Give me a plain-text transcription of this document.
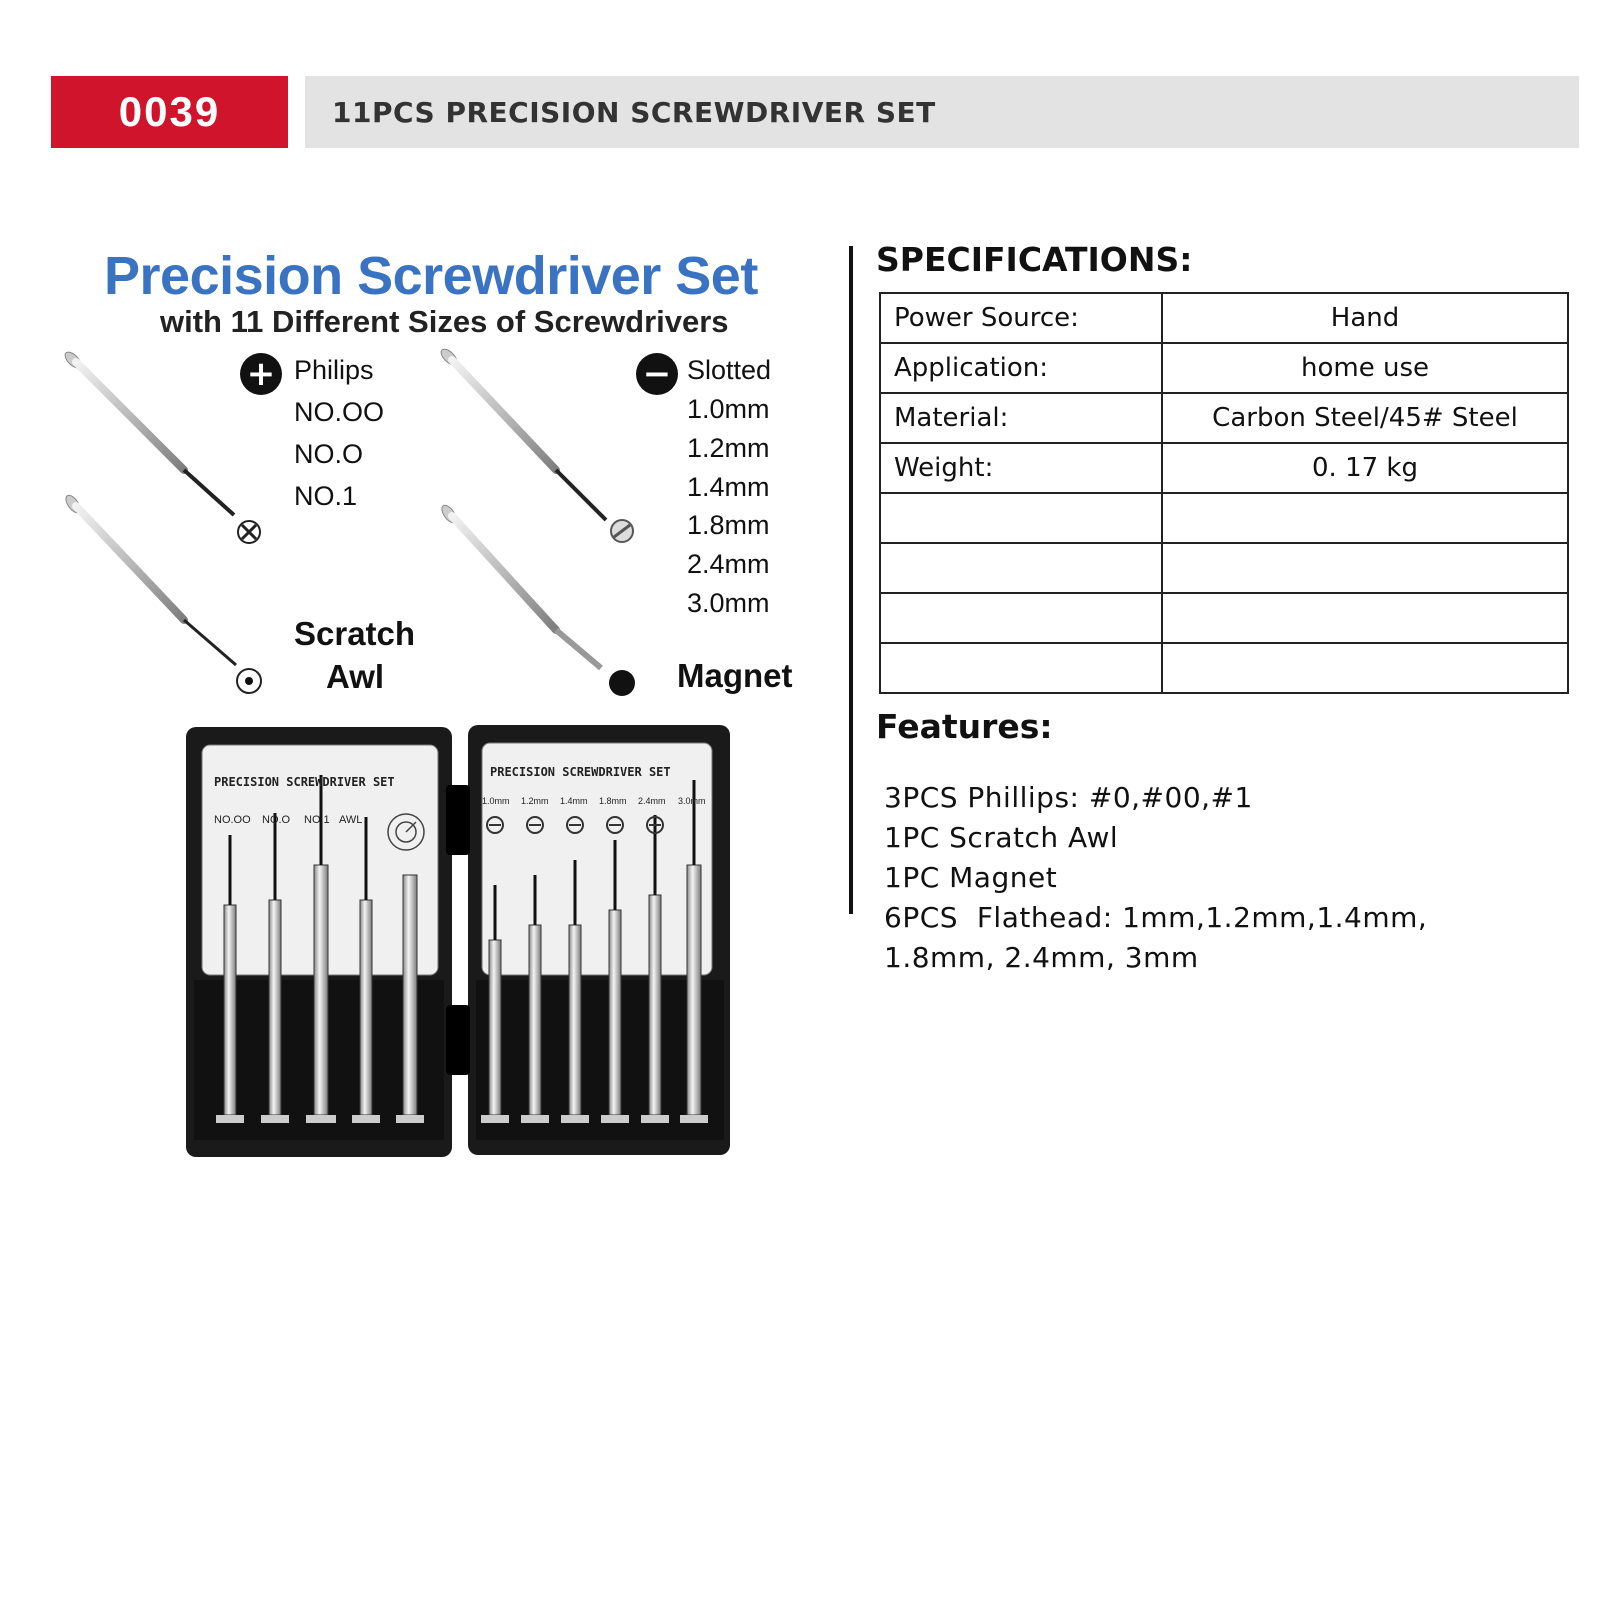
0039	11PCS PRECISION SCREWDRIVER SET
Precision Screwdriver Set
with 11 Different Sizes of Screwdrivers
+ Philips
NO.OO
NO.O
NO.1
− Slotted
1.0mm
1.2mm
1.4mm
1.8mm
2.4mm
3.0mm
Scratch
Awl	Magnet
PRECISION SCREWDRIVER SET
NO.OO NO.O NO.1 AWL
PRECISION SCREWDRIVER SET
1.0mm 1.2mm 1.4mm 1.8mm 2.4mm 3.0mm
SPECIFICATIONS:
Power Source:	Hand
Application:	home use
Material:	Carbon Steel/45# Steel
Weight:	0. 17 kg

Features:
3PCS Phillips: #0,#00,#1
1PC Scratch Awl
1PC Magnet
6PCS  Flathead: 1mm,1.2mm,1.4mm,
1.8mm, 2.4mm, 3mm
